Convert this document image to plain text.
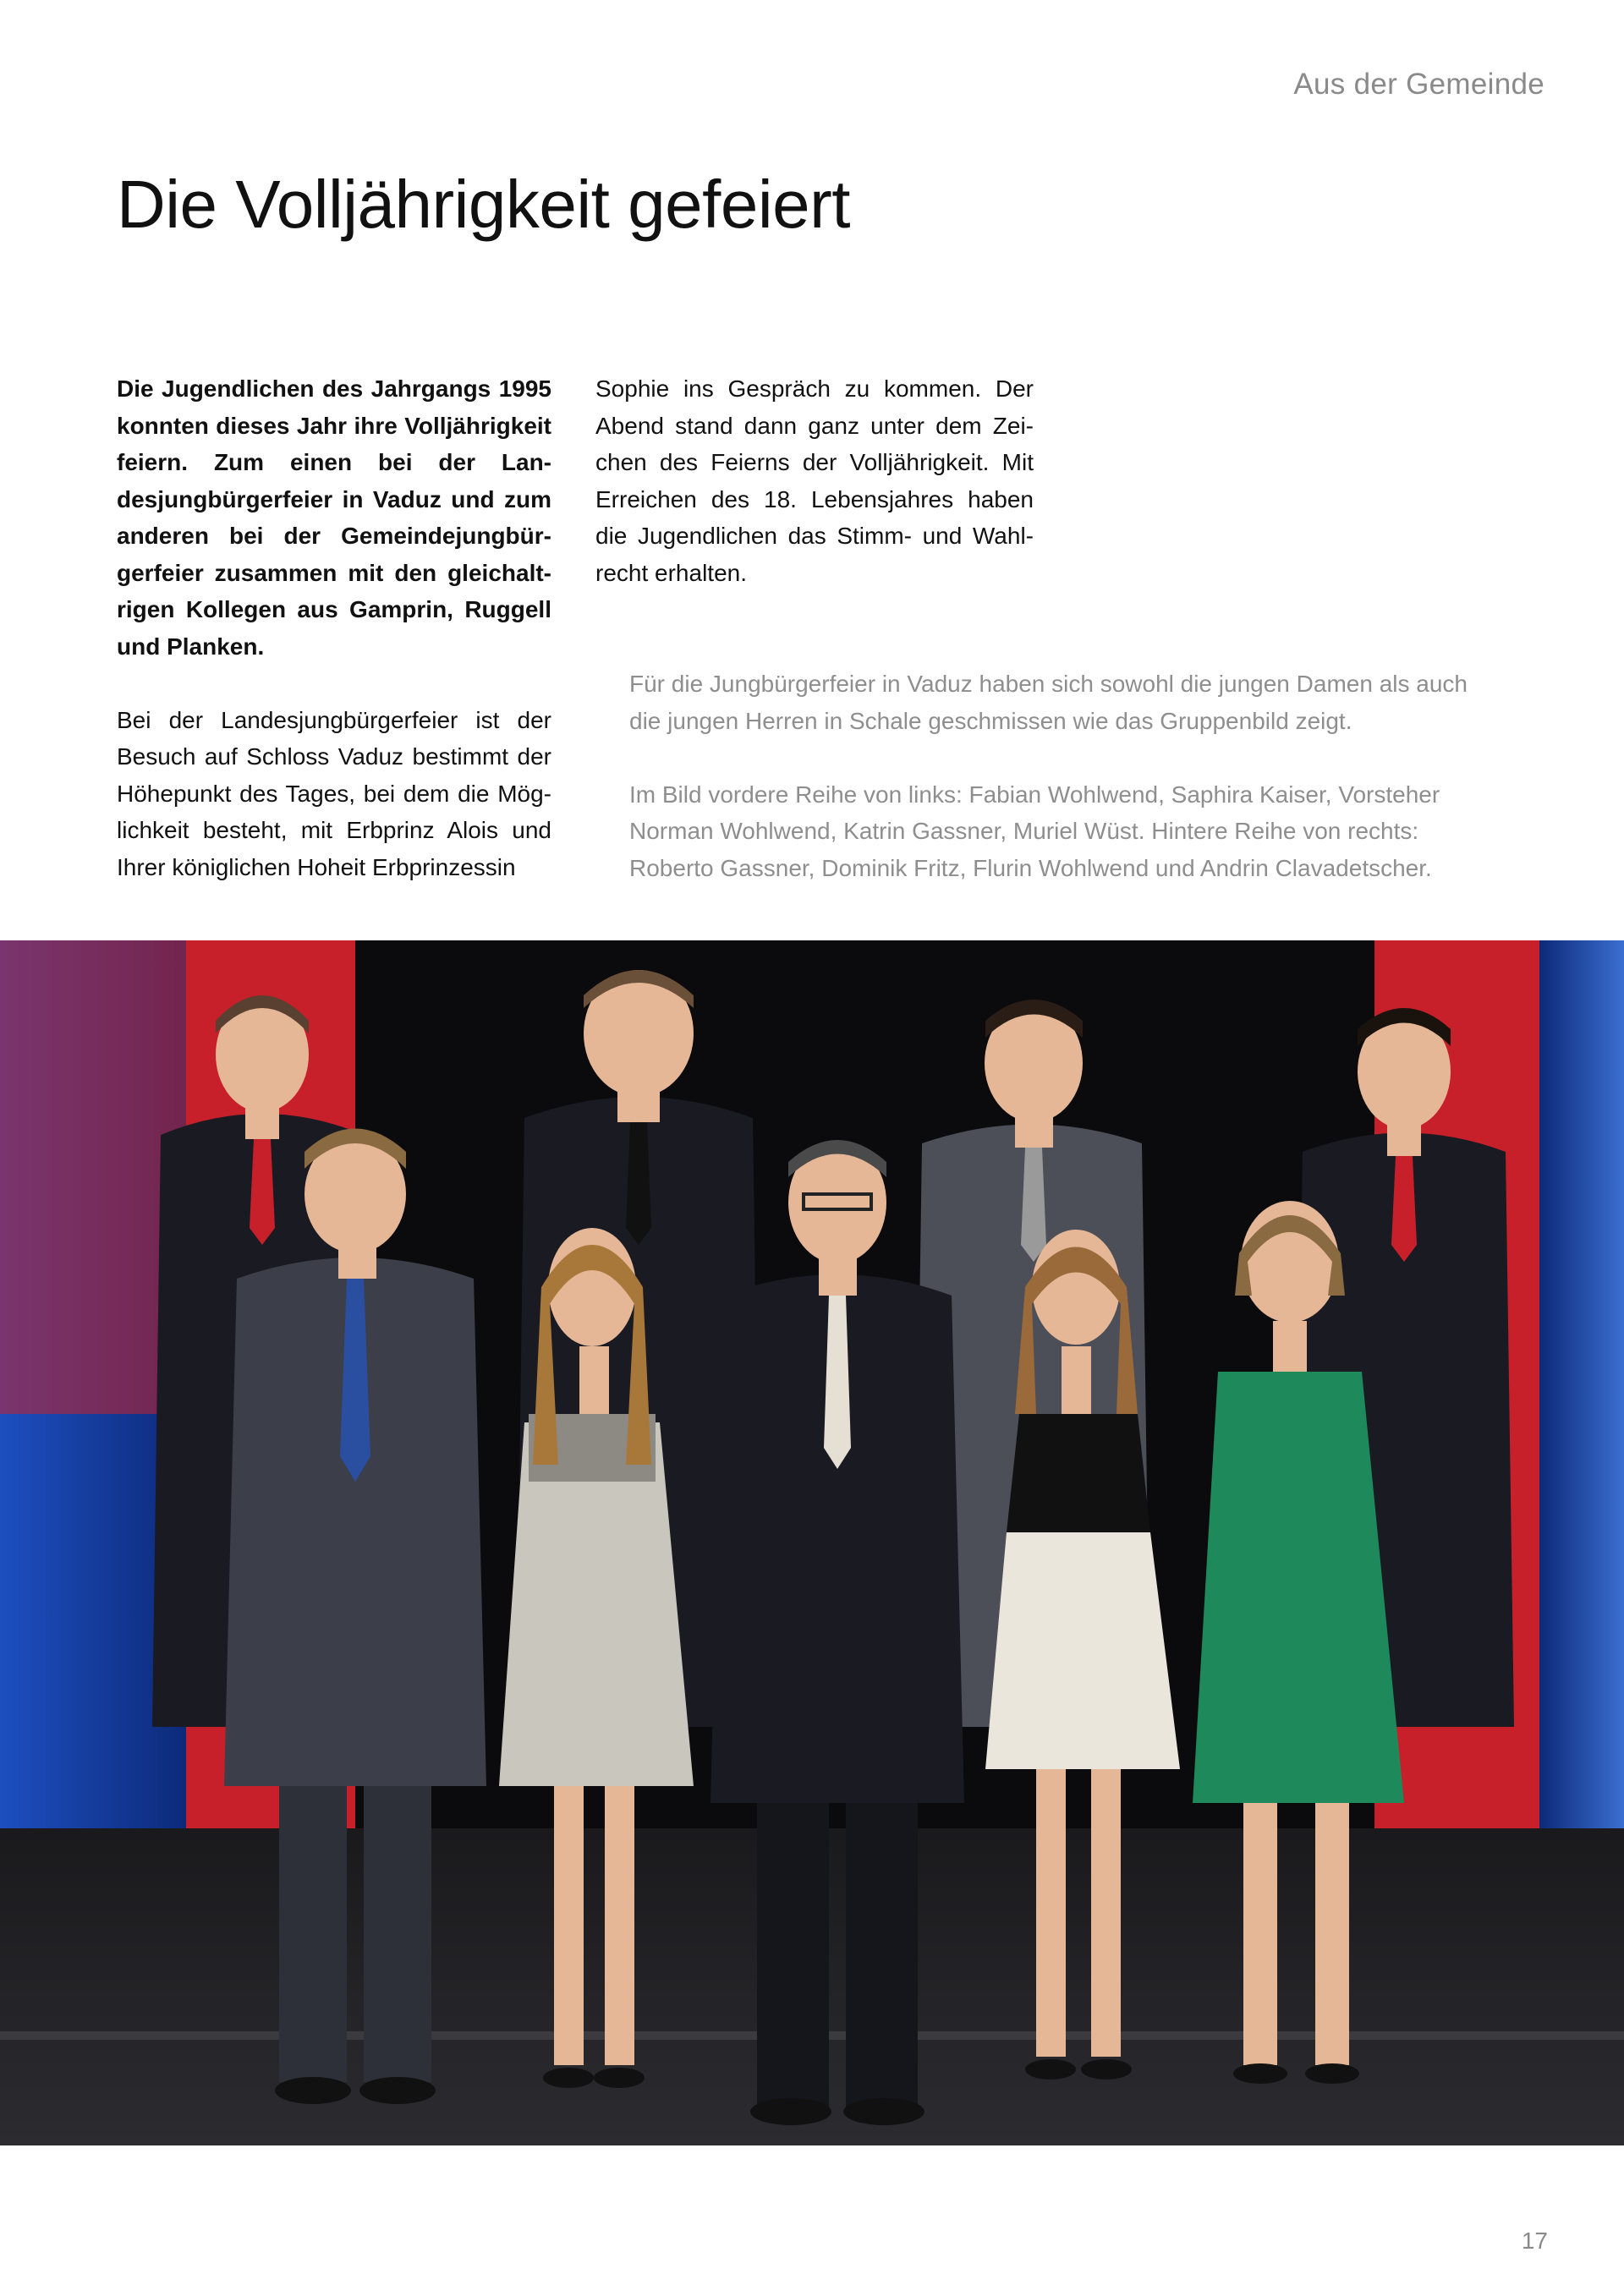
Aus der Gemeinde
Die Volljährigkeit gefeiert

Die Jugendlichen des Jahrgangs 1995 konnten dieses Jahr ihre Volljährigkeit feiern. Zum einen bei der Landesjungbürgerfeier in Vaduz und zum anderen bei der Gemeindejungbürgerfeier zusammen mit den gleichaltrigen Kollegen aus Gamprin, Ruggell und Planken.

Bei der Landesjungbürgerfeier ist der Besuch auf Schloss Vaduz bestimmt der Höhepunkt des Tages, bei dem die Möglichkeit besteht, mit Erbprinz Alois und Ihrer königlichen Hoheit Erbprinzessin

Sophie ins Gespräch zu kommen. Der Abend stand dann ganz unter dem Zeichen des Feierns der Volljährigkeit. Mit Erreichen des 18. Lebensjahres haben die Jugendlichen das Stimm- und Wahlrecht erhalten.

Für die Jungbürgerfeier in Vaduz haben sich sowohl die jungen Damen als auch die jungen Herren in Schale geschmissen wie das Gruppenbild zeigt.

Im Bild vordere Reihe von links: Fabian Wohlwend, Saphira Kaiser, Vorsteher Norman Wohlwend, Katrin Gassner, Muriel Wüst. Hintere Reihe von rechts: Roberto Gassner, Dominik Fritz, Flurin Wohlwend und Andrin Clavadetscher.

17
